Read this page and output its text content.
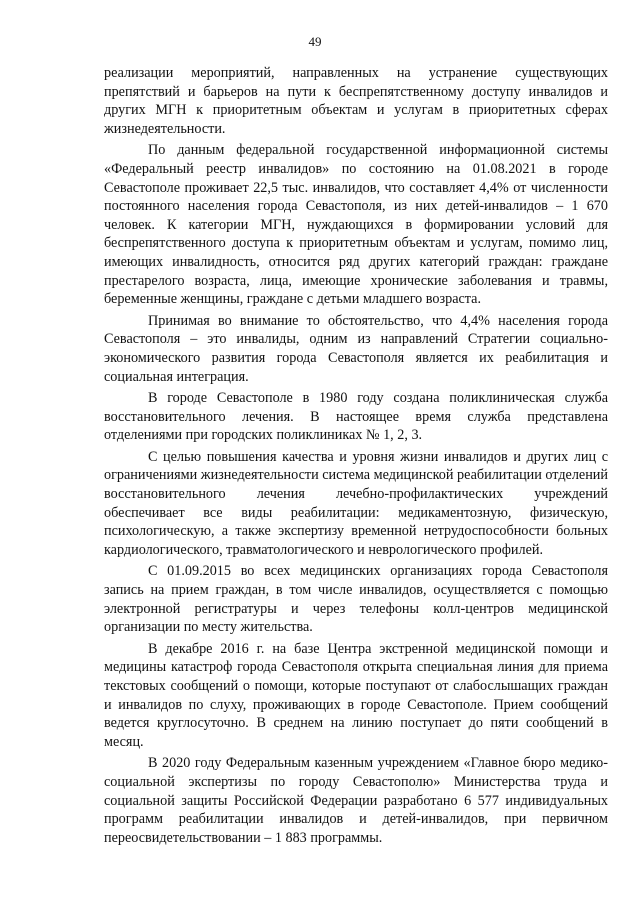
49

реализации мероприятий, направленных на устранение существующих препятствий и барьеров на пути к беспрепятственному доступу инвалидов и других МГН к приоритетным объектам и услугам в приоритетных сферах жизнедеятельности.

По данным федеральной государственной информационной системы «Федеральный реестр инвалидов» по состоянию на 01.08.2021 в городе Севастополе проживает 22,5 тыс. инвалидов, что составляет 4,4% от численности постоянного населения города Севастополя, из них детей-инвалидов – 1 670 человек. К категории МГН, нуждающихся в формировании условий для беспрепятственного доступа к приоритетным объектам и услугам, помимо лиц, имеющих инвалидность, относится ряд других категорий граждан: граждане престарелого возраста, лица, имеющие хронические заболевания и травмы, беременные женщины, граждане с детьми младшего возраста.

Принимая во внимание то обстоятельство, что 4,4% населения города Севастополя – это инвалиды, одним из направлений Стратегии социально-экономического развития города Севастополя является их реабилитация и социальная интеграция.

В городе Севастополе в 1980 году создана поликлиническая служба восстановительного лечения. В настоящее время служба представлена отделениями при городских поликлиниках № 1, 2, 3.

С целью повышения качества и уровня жизни инвалидов и других лиц с ограничениями жизнедеятельности система медицинской реабилитации отделений восстановительного лечения лечебно-профилактических учреждений обеспечивает все виды реабилитации: медикаментозную, физическую, психологическую, а также экспертизу временной нетрудоспособности больных кардиологического, травматологического и неврологического профилей.

С 01.09.2015 во всех медицинских организациях города Севастополя запись на прием граждан, в том числе инвалидов, осуществляется с помощью электронной регистратуры и через телефоны колл-центров медицинской организации по месту жительства.

В декабре 2016 г. на базе Центра экстренной медицинской помощи и медицины катастроф города Севастополя открыта специальная линия для приема текстовых сообщений о помощи, которые поступают от слабослышащих граждан и инвалидов по слуху, проживающих в городе Севастополе. Прием сообщений ведется круглосуточно. В среднем на линию поступает до пяти сообщений в месяц.

В 2020 году Федеральным казенным учреждением «Главное бюро медико-социальной экспертизы по городу Севастополю» Министерства труда и социальной защиты Российской Федерации разработано 6 577 индивидуальных программ реабилитации инвалидов и детей-инвалидов, при первичном переосвидетельствовании – 1 883 программы.
